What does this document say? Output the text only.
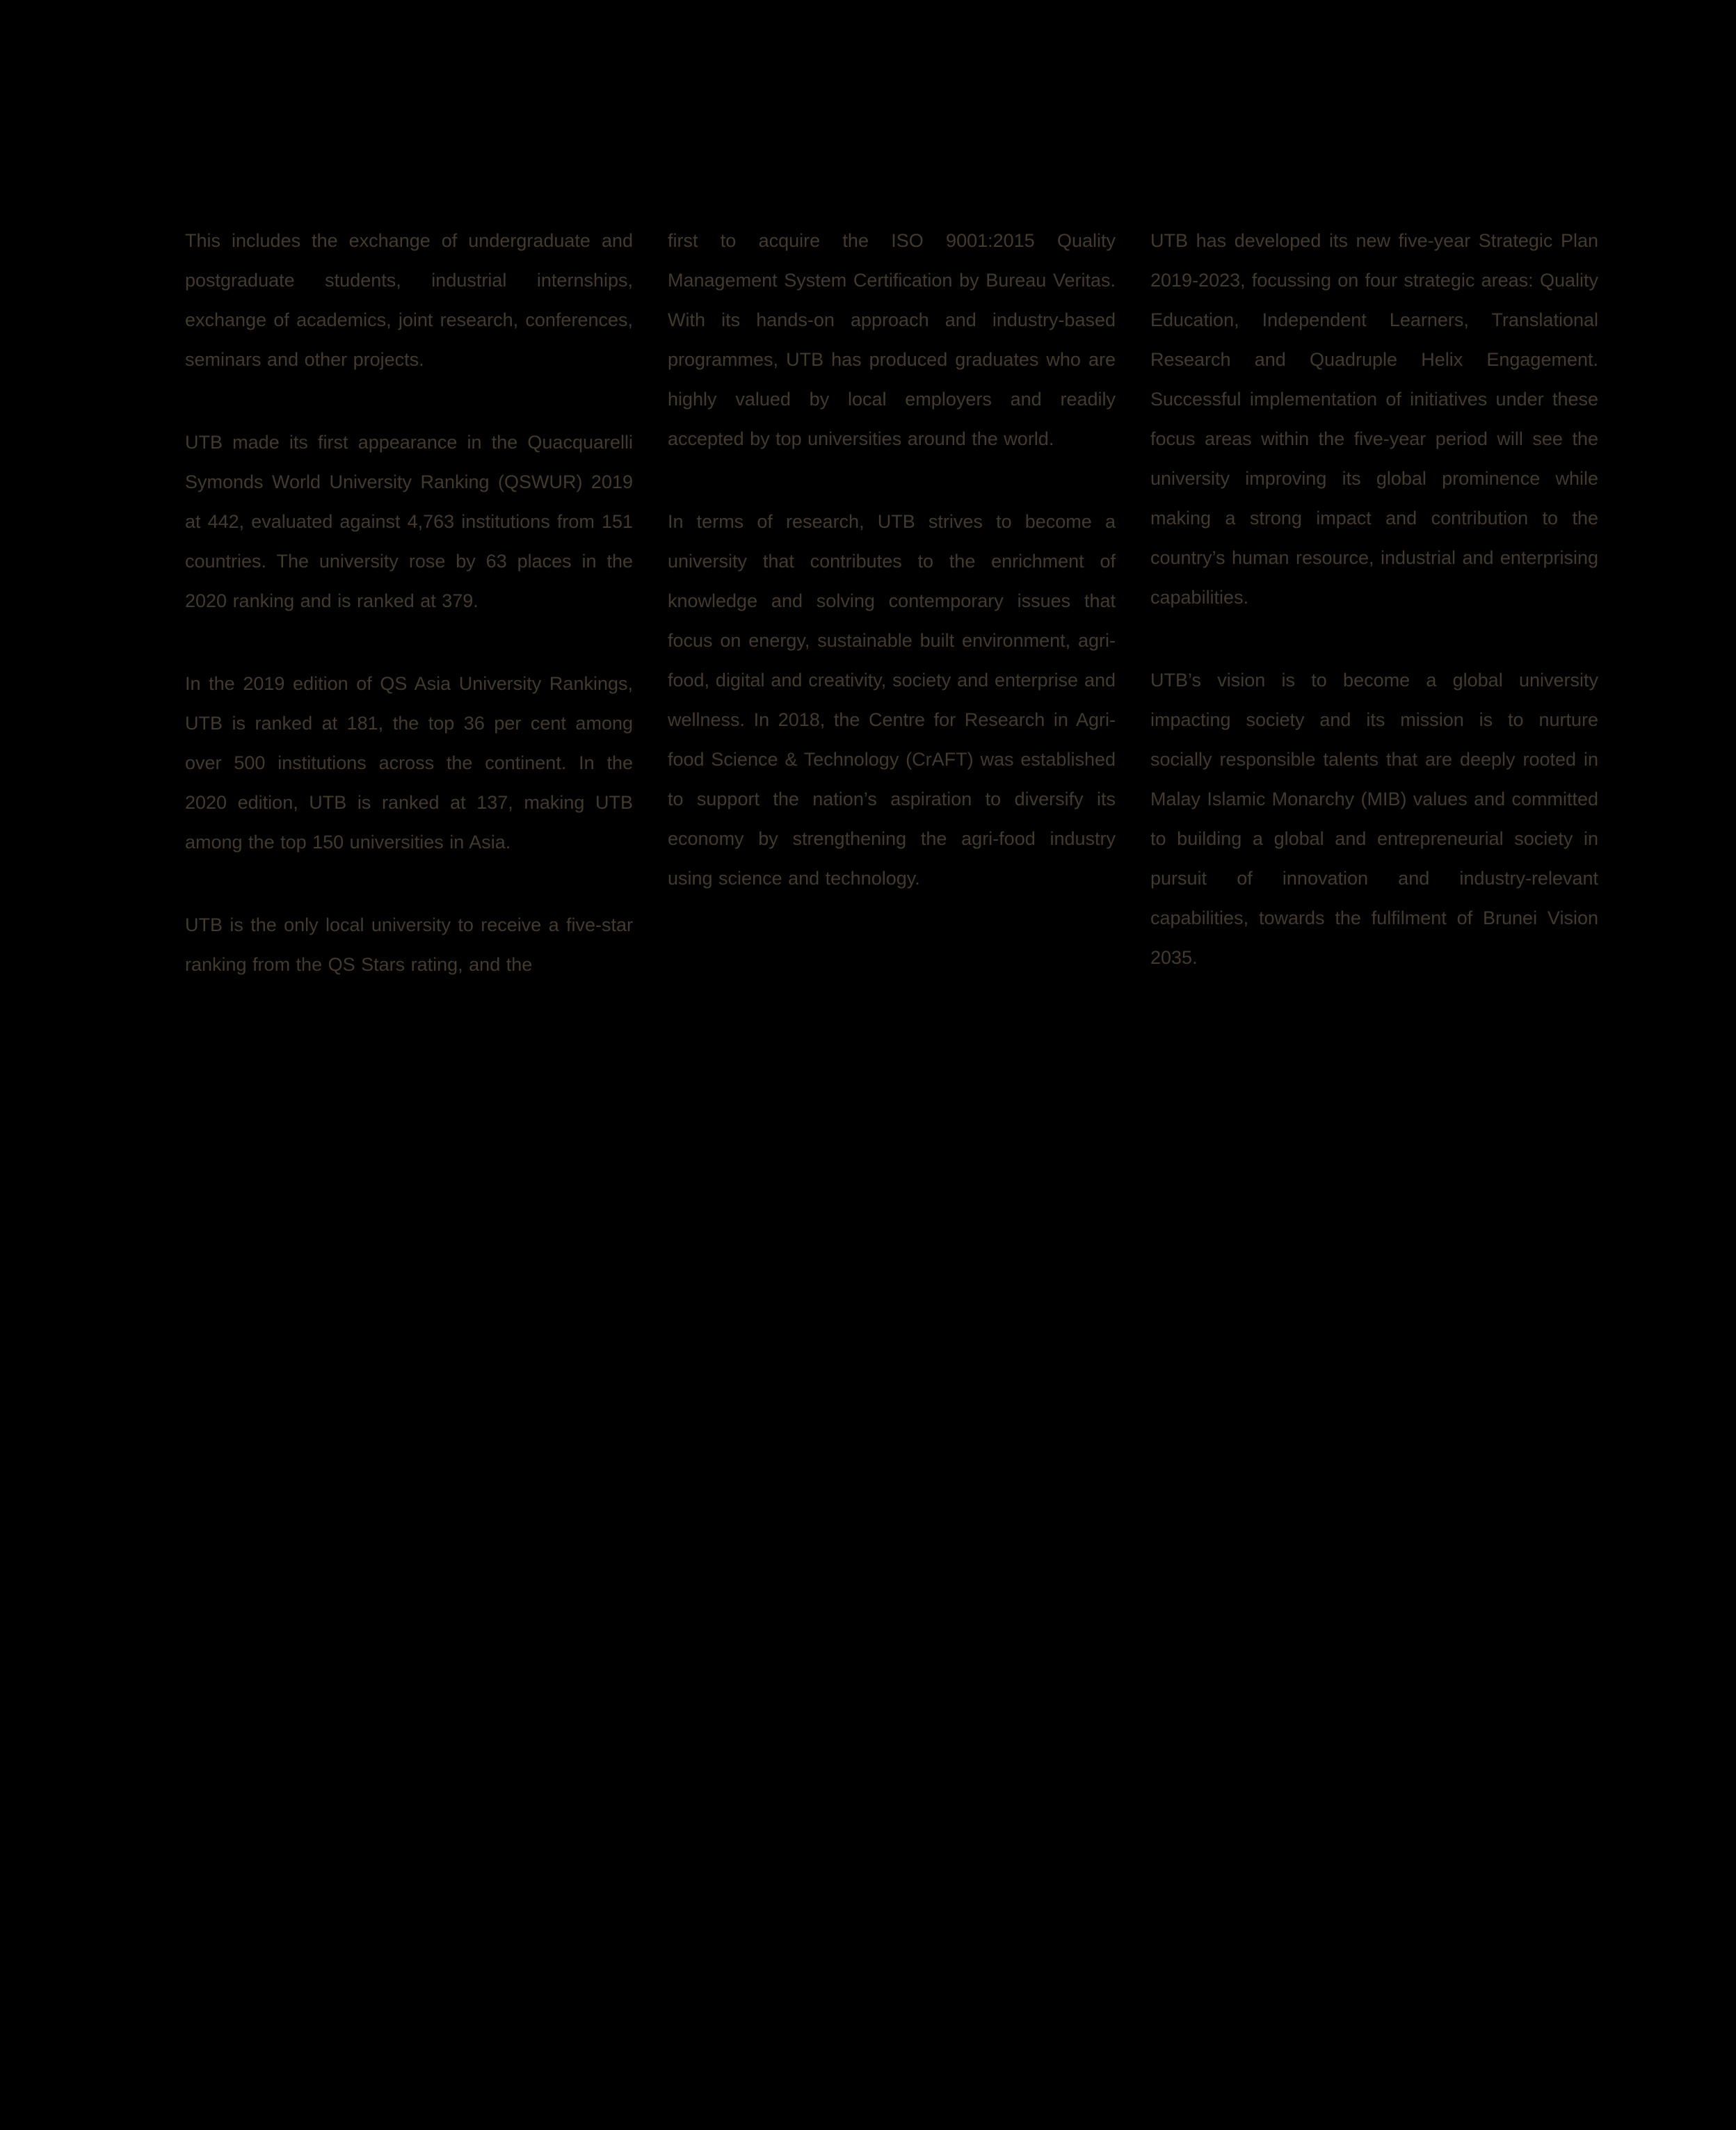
This includes the exchange of undergraduate and postgraduate students, industrial internships, exchange of academics, joint research, conferences, seminars and other projects.

UTB made its first appearance in the Quacquarelli Symonds World University Ranking (QSWUR) 2019 at 442, evaluated against 4,763 institutions from 151 countries. The university rose by 63 places in the 2020 ranking and is ranked at 379.

In the 2019 edition of QS Asia University Rankings, UTB is ranked at 181, the top 36 per cent among over 500 institutions across the continent. In the 2020 edition, UTB is ranked at 137, making UTB among the top 150 universities in Asia.

UTB is the only local university to receive a five-star ranking from the QS Stars rating, and the

first to acquire the ISO 9001:2015 Quality Management System Certification by Bureau Veritas. With its hands-on approach and industry-based programmes, UTB has produced graduates who are highly valued by local employers and readily accepted by top universities around the world.

In terms of research, UTB strives to become a university that contributes to the enrichment of knowledge and solving contemporary issues that focus on energy, sustainable built environment, agri-food, digital and creativity, society and enterprise and wellness. In 2018, the Centre for Research in Agri-food Science & Technology (CrAFT) was established to support the nation’s aspiration to diversify its economy by strengthening the agri-food industry using science and technology.

UTB has developed its new five-year Strategic Plan 2019-2023, focussing on four strategic areas: Quality Education, Independent Learners, Translational Research and Quadruple Helix Engagement. Successful implementation of initiatives under these focus areas within the five-year period will see the university improving its global prominence while making a strong impact and contribution to the country’s human resource, industrial and enterprising capabilities.

UTB’s vision is to become a global university impacting society and its mission is to nurture socially responsible talents that are deeply rooted in Malay Islamic Monarchy (MIB) values and committed to building a global and entrepreneurial society in pursuit of innovation and industry-relevant capabilities, towards the fulfilment of Brunei Vision 2035.
